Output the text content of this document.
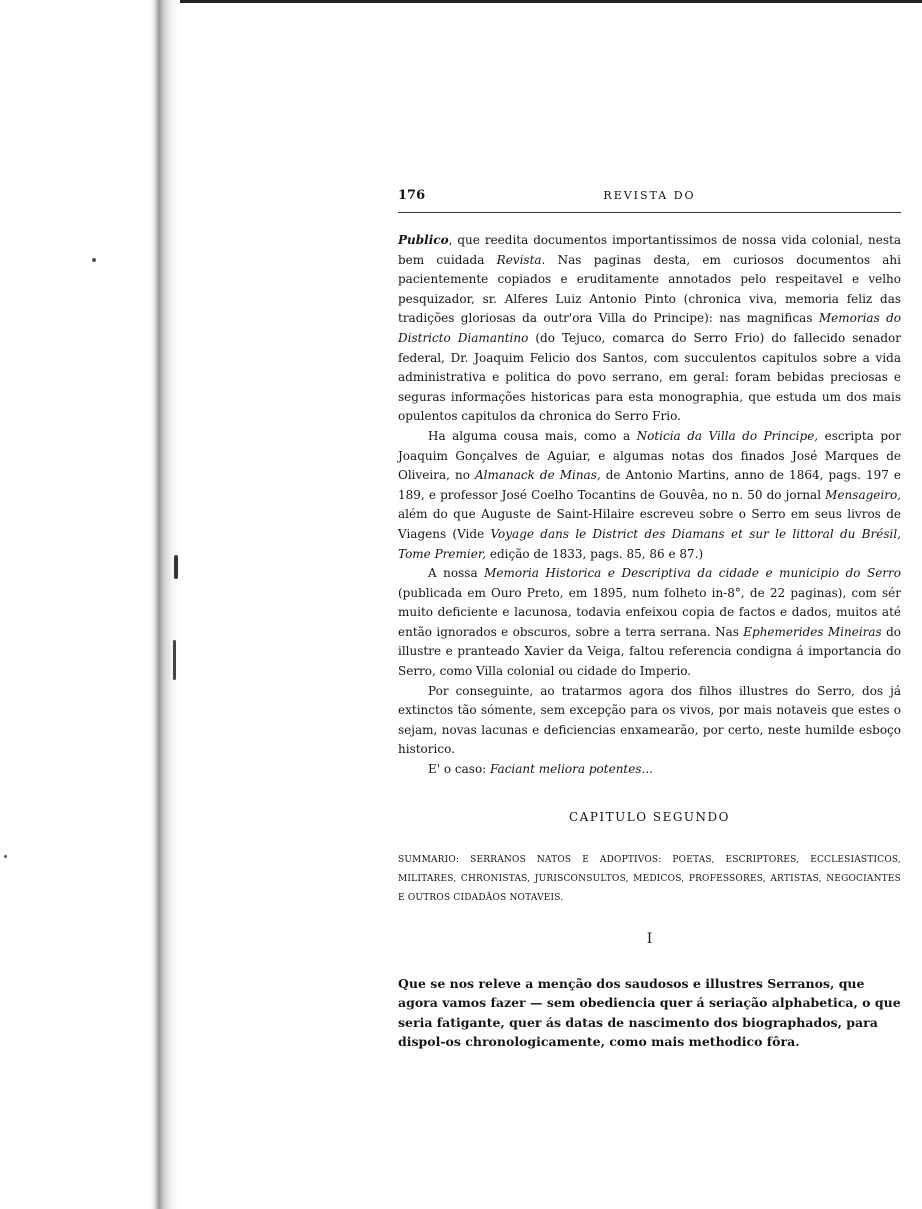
176	REVISTA DO

Publico, que reedita documentos importantissimos de nossa vida colonial, nesta bem cuidada Revista. Nas paginas desta, em curiosos documentos ahi pacientemente copiados e eruditamente annotados pelo respeitavel e velho pesquizador, sr. Alferes Luiz Antonio Pinto (chronica viva, memoria feliz das tradições gloriosas da outr'ora Villa do Principe): nas magnificas Memorias do Districto Diamantino (do Tejuco, comarca do Serro Frio) do fallecido senador federal, Dr. Joaquim Felicio dos Santos, com succulentos capitulos sobre a vida administrativa e politica do povo serrano, em geral: foram bebidas preciosas e seguras informações historicas para esta monographia, que estuda um dos mais opulentos capitulos da chronica do Serro Frio.

Ha alguma cousa mais, como a Noticia da Villa do Principe, escripta por Joaquim Gonçalves de Aguiar, e algumas notas dos finados José Marques de Oliveira, no Almanack de Minas, de Antonio Martins, anno de 1864, pags. 197 e 189, e professor José Coelho Tocantins de Gouvêa, no n. 50 do jornal Mensageiro, além do que Auguste de Saint-Hilaire escreveu sobre o Serro em seus livros de Viagens (Vide Voyage dans le District des Diamans et sur le littoral du Brésil, Tome Premier, edição de 1833, pags. 85, 86 e 87.)

A nossa Memoria Historica e Descriptiva da cidade e municipio do Serro (publicada em Ouro Preto, em 1895, num folheto in-8°, de 22 paginas), com sér muito deficiente e lacunosa, todavia enfeixou copia de factos e dados, muitos até então ignorados e obscuros, sobre a terra serrana. Nas Ephemerides Mineiras do illustre e pranteado Xavier da Veiga, faltou referencia condigna á importancia do Serro, como Villa colonial ou cidade do Imperio.

Por conseguinte, ao tratarmos agora dos filhos illustres do Serro, dos já extinctos tão sómente, sem excepção para os vivos, por mais notaveis que estes o sejam, novas lacunas e deficiencias enxamearão, por certo, neste humilde esboço historico.

E' o caso: Faciant meliora potentes...

CAPITULO SEGUNDO
SUMMARIO: SERRANOS NATOS E ADOPTIVOS: POETAS, ESCRIPTORES, ECCLESIASTICOS, MILITARES, CHRONISTAS, JURISCONSULTOS, MEDICOS, PROFESSORES, ARTISTAS, NEGOCIANTES E OUTROS CIDADÃOS NOTAVEIS.
I
Que se nos releve a menção dos saudosos e illustres Serranos, que agora vamos fazer — sem obediencia quer á seriação alphabetica, o que seria fatigante, quer ás datas de nascimento dos biographados, para dispol-os chronologicamente, como mais methodico fôra.
